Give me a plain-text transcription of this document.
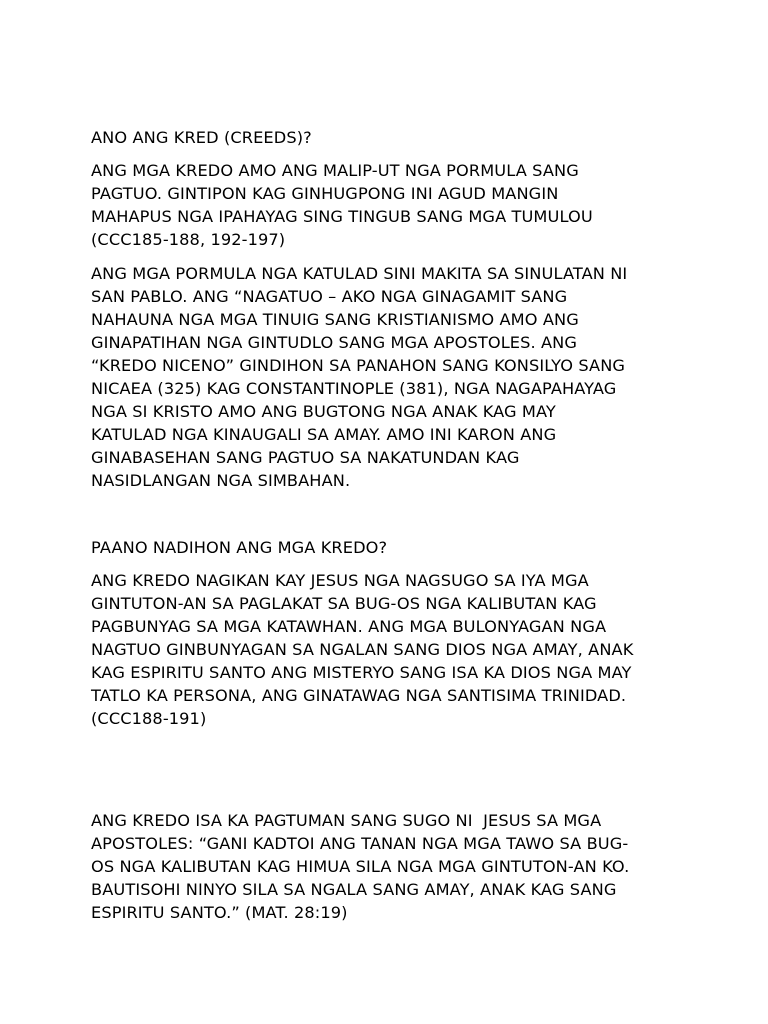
ANO ANG KRED (CREEDS)?
ANG MGA KREDO AMO ANG MALIP-UT NGA PORMULA SANG
PAGTUO. GINTIPON KAG GINHUGPONG INI AGUD MANGIN
MAHAPUS NGA IPAHAYAG SING TINGUB SANG MGA TUMULOU
(CCC185-188, 192-197)
ANG MGA PORMULA NGA KATULAD SINI MAKITA SA SINULATAN NI
SAN PABLO. ANG “NAGATUO – AKO NGA GINAGAMIT SANG
NAHAUNA NGA MGA TINUIG SANG KRISTIANISMO AMO ANG
GINAPATIHAN NGA GINTUDLO SANG MGA APOSTOLES. ANG
“KREDO NICENO” GINDIHON SA PANAHON SANG KONSILYO SANG
NICAEA (325) KAG CONSTANTINOPLE (381), NGA NAGAPAHAYAG
NGA SI KRISTO AMO ANG BUGTONG NGA ANAK KAG MAY
KATULAD NGA KINAUGALI SA AMAY. AMO INI KARON ANG
GINABASEHAN SANG PAGTUO SA NAKATUNDAN KAG
NASIDLANGAN NGA SIMBAHAN.
PAANO NADIHON ANG MGA KREDO?
ANG KREDO NAGIKAN KAY JESUS NGA NAGSUGO SA IYA MGA
GINTUTON-AN SA PAGLAKAT SA BUG-OS NGA KALIBUTAN KAG
PAGBUNYAG SA MGA KATAWHAN. ANG MGA BULONYAGAN NGA
NAGTUO GINBUNYAGAN SA NGALAN SANG DIOS NGA AMAY, ANAK
KAG ESPIRITU SANTO ANG MISTERYO SANG ISA KA DIOS NGA MAY
TATLO KA PERSONA, ANG GINATAWAG NGA SANTISIMA TRINIDAD.
(CCC188-191)
ANG KREDO ISA KA PAGTUMAN SANG SUGO NI  JESUS SA MGA
APOSTOLES: “GANI KADTOI ANG TANAN NGA MGA TAWO SA BUG-
OS NGA KALIBUTAN KAG HIMUA SILA NGA MGA GINTUTON-AN KO.
BAUTISOHI NINYO SILA SA NGALA SANG AMAY, ANAK KAG SANG
ESPIRITU SANTO.” (MAT. 28:19)
